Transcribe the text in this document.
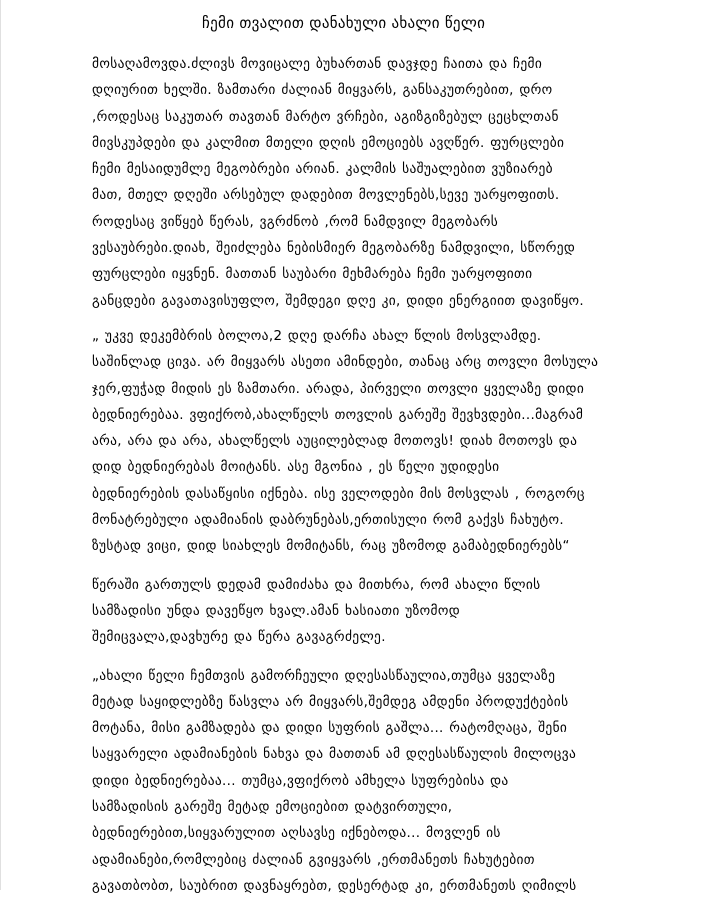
ჩემი თვალით დანახული ახალი წელი
მოსაღამოვდა.ძლივს მოვიცალე ბუხართან დავჯდე ჩაითა და ჩემი
დღიურით ხელში. ზამთარი ძალიან მიყვარს, განსაკუთრებით, დრო
,როდესაც საკუთარ თავთან მარტო ვრჩები, აგიზგიზებულ ცეცხლთან
მივსკუპდები და კალმით მთელი დღის ემოციებს ავღწერ. ფურცლები
ჩემი მესაიდუმლე მეგობრები არიან. კალმის საშუალებით ვუზიარებ
მათ, მთელ დღეში არსებულ დადებით მოვლენებს,სევე უარყოფითს.
როდესაც ვიწყებ წერას, ვგრძნობ ,რომ ნამდვილ მეგობარს
ვესაუბრები.დიახ, შეიძლება ნებისმიერ მეგობარზე ნამდვილი, სწორედ
ფურცლები იყვნენ. მათთან საუბარი მეხმარება ჩემი უარყოფითი
განცდები გავათავისუფლო, შემდეგი დღე კი, დიდი ენერგიით დავიწყო.
„ უკვე დეკემბრის ბოლოა,2 დღე დარჩა ახალ წლის მოსვლამდე.
საშინლად ცივა. არ მიყვარს ასეთი ამინდები, თანაც არც თოვლი მოსულა
ჯერ,ფუჭად მიდის ეს ზამთარი. არადა, პირველი თოვლი ყველაზე დიდი
ბედნიერებაა. ვფიქრობ,ახალწელს თოვლის გარეშე შევხვდები...მაგრამ
არა, არა და არა, ახალწელს აუცილებლად მოთოვს! დიახ მოთოვს და
დიდ ბედნიერებას მოიტანს. ასე მგონია , ეს წელი უდიდესი
ბედნიერების დასაწყისი იქნება. ისე ველოდები მის მოსვლას , როგორც
მონატრებული ადამიანის დაბრუნებას,ერთისული რომ გაქვს ჩახუტო.
ზუსტად ვიცი, დიდ სიახლეს მომიტანს, რაც უზომოდ გამაბედნიერებს“
წერაში გართულს დედამ დამიძახა და მითხრა, რომ ახალი წლის
სამზადისი უნდა დავეწყო ხვალ.ამან ხასიათი უზომოდ
შემიცვალა,დავხურე და წერა გავაგრძელე.
„ახალი წელი ჩემთვის გამორჩეული დღესასწაულია,თუმცა ყველაზე
მეტად საყიდლებზე წასვლა არ მიყვარს,შემდეგ ამდენი პროდუქტების
მოტანა, მისი გამზადება და დიდი სუფრის გაშლა... რატომღაცა, შენი
საყვარელი ადამიანების ნახვა და მათთან ამ დღესასწაულის მილოცვა
დიდი ბედნიერებაა... თუმცა,ვფიქრობ ამხელა სუფრებისა და
სამზადისის გარეშე მეტად ემოციებით დატვირთული,
ბედნიერებით,სიყვარულით აღსავსე იქნებოდა... მოვლენ ის
ადამიანები,რომლებიც ძალიან გვიყვარს ,ერთმანეთს ჩახუტებით
გავათბობთ, საუბრით დავნაყრებთ, დესერტად კი, ერთმანეთს ღიმილს
